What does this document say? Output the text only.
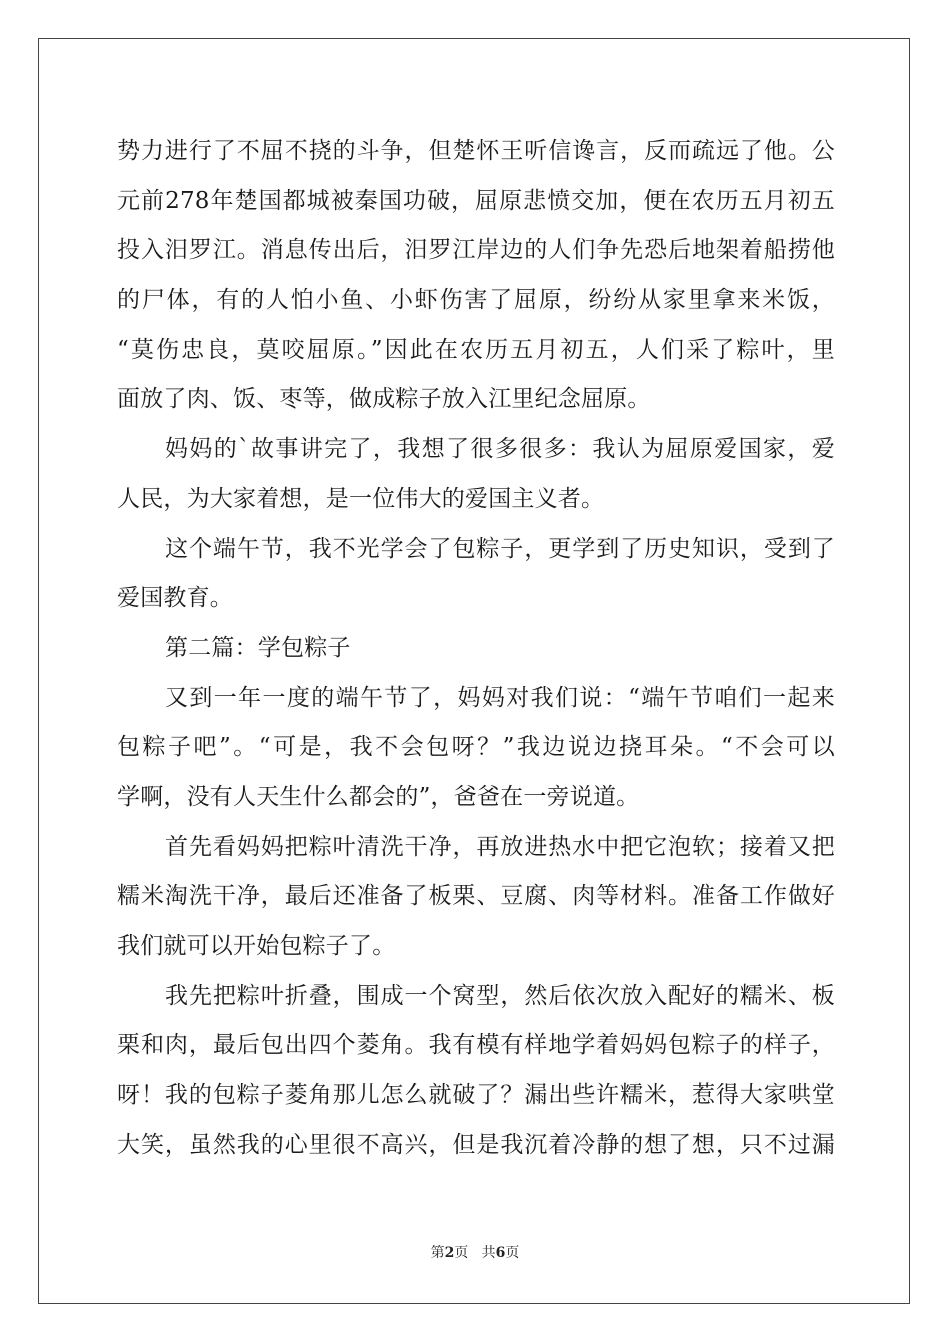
势力进行了不屈不挠的斗争，但楚怀王听信谗言，反而疏远了他。公
元前278年楚国都城被秦国功破，屈原悲愤交加，便在农历五月初五
投入汨罗江。消息传出后，汨罗江岸边的人们争先恐后地架着船捞他
的尸体，有的人怕小鱼、小虾伤害了屈原，纷纷从家里拿来米饭，
“莫伤忠良，莫咬屈原。”因此在农历五月初五，人们采了粽叶，里
面放了肉、饭、枣等，做成粽子放入江里纪念屈原。
妈妈的`故事讲完了，我想了很多很多：我认为屈原爱国家，爱
人民，为大家着想，是一位伟大的爱国主义者。
这个端午节，我不光学会了包粽子，更学到了历史知识，受到了
爱国教育。
第二篇：学包粽子
又到一年一度的端午节了，妈妈对我们说：“端午节咱们一起来
包粽子吧”。“可是，我不会包呀？”我边说边挠耳朵。“不会可以
学啊，没有人天生什么都会的”，爸爸在一旁说道。
首先看妈妈把粽叶清洗干净，再放进热水中把它泡软；接着又把
糯米淘洗干净，最后还准备了板栗、豆腐、肉等材料。准备工作做好
我们就可以开始包粽子了。
我先把粽叶折叠，围成一个窝型，然后依次放入配好的糯米、板
栗和肉，最后包出四个菱角。我有模有样地学着妈妈包粽子的样子，
呀！我的包粽子菱角那儿怎么就破了？漏出些许糯米，惹得大家哄堂
大笑，虽然我的心里很不高兴，但是我沉着冷静的想了想，只不过漏
第2页 共6页
